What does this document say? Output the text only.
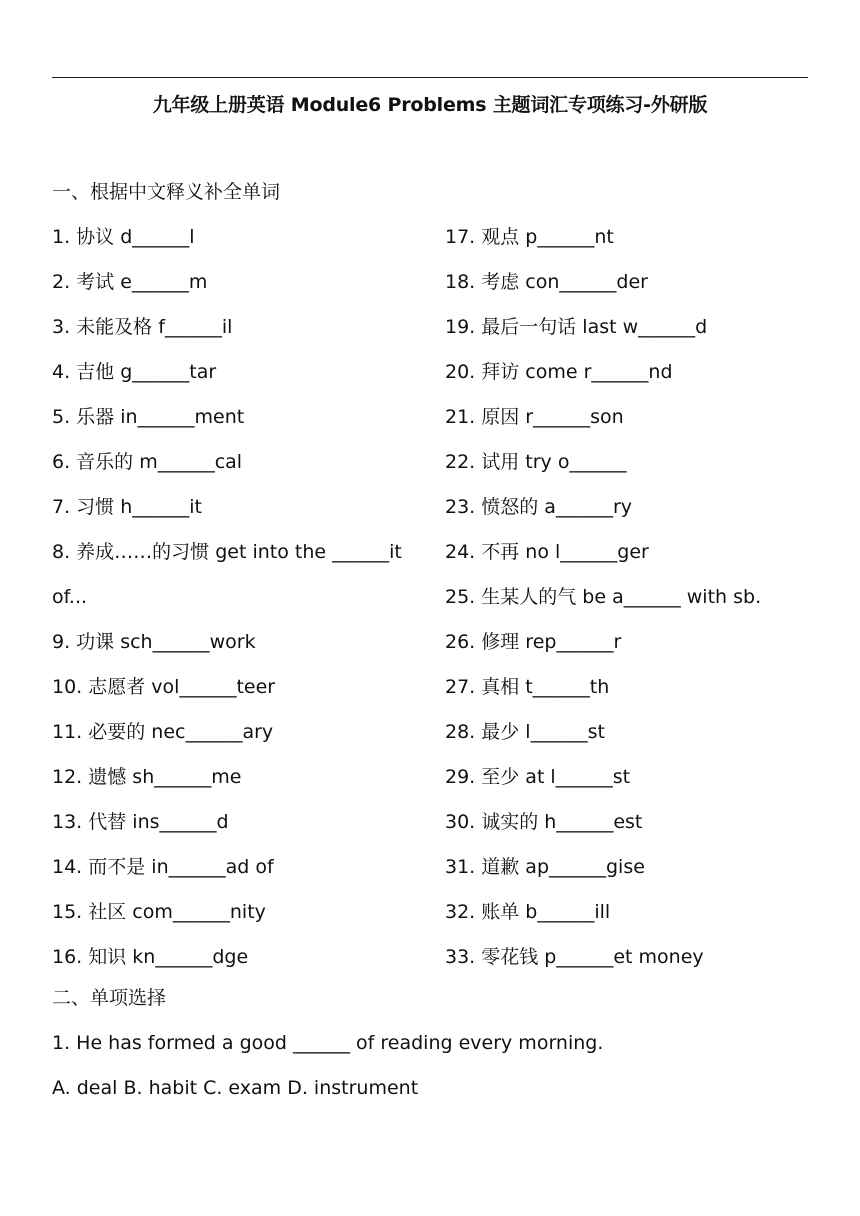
九年级上册英语 Module6 Problems 主题词汇专项练习-外研版
一、根据中文释义补全单词
1. 协议 d______l
2. 考试 e______m
3. 未能及格 f______il
4. 吉他 g______tar
5. 乐器 in______ment
6. 音乐的 m______cal
7. 习惯 h______it
8. 养成……的习惯 get into the ______it
of...
9. 功课 sch______work
10. 志愿者 vol______teer
11. 必要的 nec______ary
12. 遗憾 sh______me
13. 代替 ins______d
14. 而不是 in______ad of
15. 社区 com______nity
16. 知识 kn______dge
17. 观点 p______nt
18. 考虑 con______der
19. 最后一句话 last w______d
20. 拜访 come r______nd
21. 原因 r______son
22. 试用 try o______
23. 愤怒的 a______ry
24. 不再 no l______ger
25. 生某人的气 be a______ with sb.
26. 修理 rep______r
27. 真相 t______th
28. 最少 l______st
29. 至少 at l______st
30. 诚实的 h______est
31. 道歉 ap______gise
32. 账单 b______ill
33. 零花钱 p______et money
二、单项选择
1. He has formed a good ______ of reading every morning.
A. deal B. habit C. exam D. instrument
